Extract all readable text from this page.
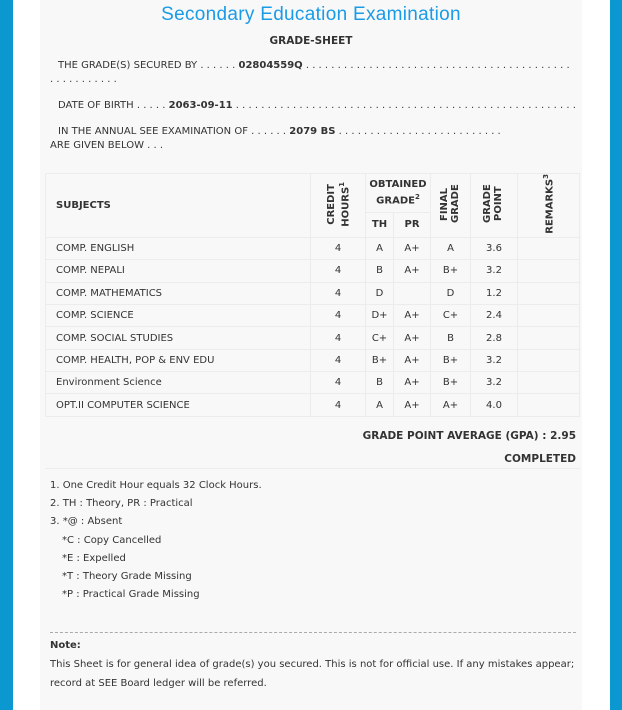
Secondary Education Examination
GRADE-SHEET
THE GRADE(S) SECURED BY . . . . . . 02804559Q . . . . . . . . . . . . . . . . . . . . . . . . . . . . . . . . . . . . . . . . . . . . . . . . . . . . .
DATE OF BIRTH . . . . . 2063-09-11 . . . . . . . . . . . . . . . . . . . . . . . . . . . . . . . . . . . . . . . . . . . . . . . . . . . . . .
IN THE ANNUAL SEE EXAMINATION OF . . . . . . 2079 BS . . . . . . . . . . . . . . . . . . . . . . . . . .
ARE GIVEN BELOW . . .
SUBJECTS	CREDIT HOURS$^1$	OBTAINED GRADE$^2$		FINAL GRADE	GRADE POINT	REMARKS$^3$
		TH	PR			
COMP. ENGLISH	4	A	A+	A	3.6	
COMP. NEPALI	4	B	A+	B+	3.2	
COMP. MATHEMATICS	4	D		D	1.2	
COMP. SCIENCE	4	D+	A+	C+	2.4	
COMP. SOCIAL STUDIES	4	C+	A+	B	2.8	
COMP. HEALTH, POP & ENV EDU	4	B+	A+	B+	3.2	
Environment Science	4	B	A+	B+	3.2	
OPT.II COMPUTER SCIENCE	4	A	A+	A+	4.0	
GRADE POINT AVERAGE (GPA) : 2.95
COMPLETED
1. One Credit Hour equals 32 Clock Hours.
2. TH : Theory, PR : Practical
3. *@ : Absent
*C : Copy Cancelled
*E : Expelled
*T : Theory Grade Missing
*P : Practical Grade Missing
Note:
This Sheet is for general idea of grade(s) you secured. This is not for official use. If any mistakes appear; record at SEE Board ledger will be referred.
